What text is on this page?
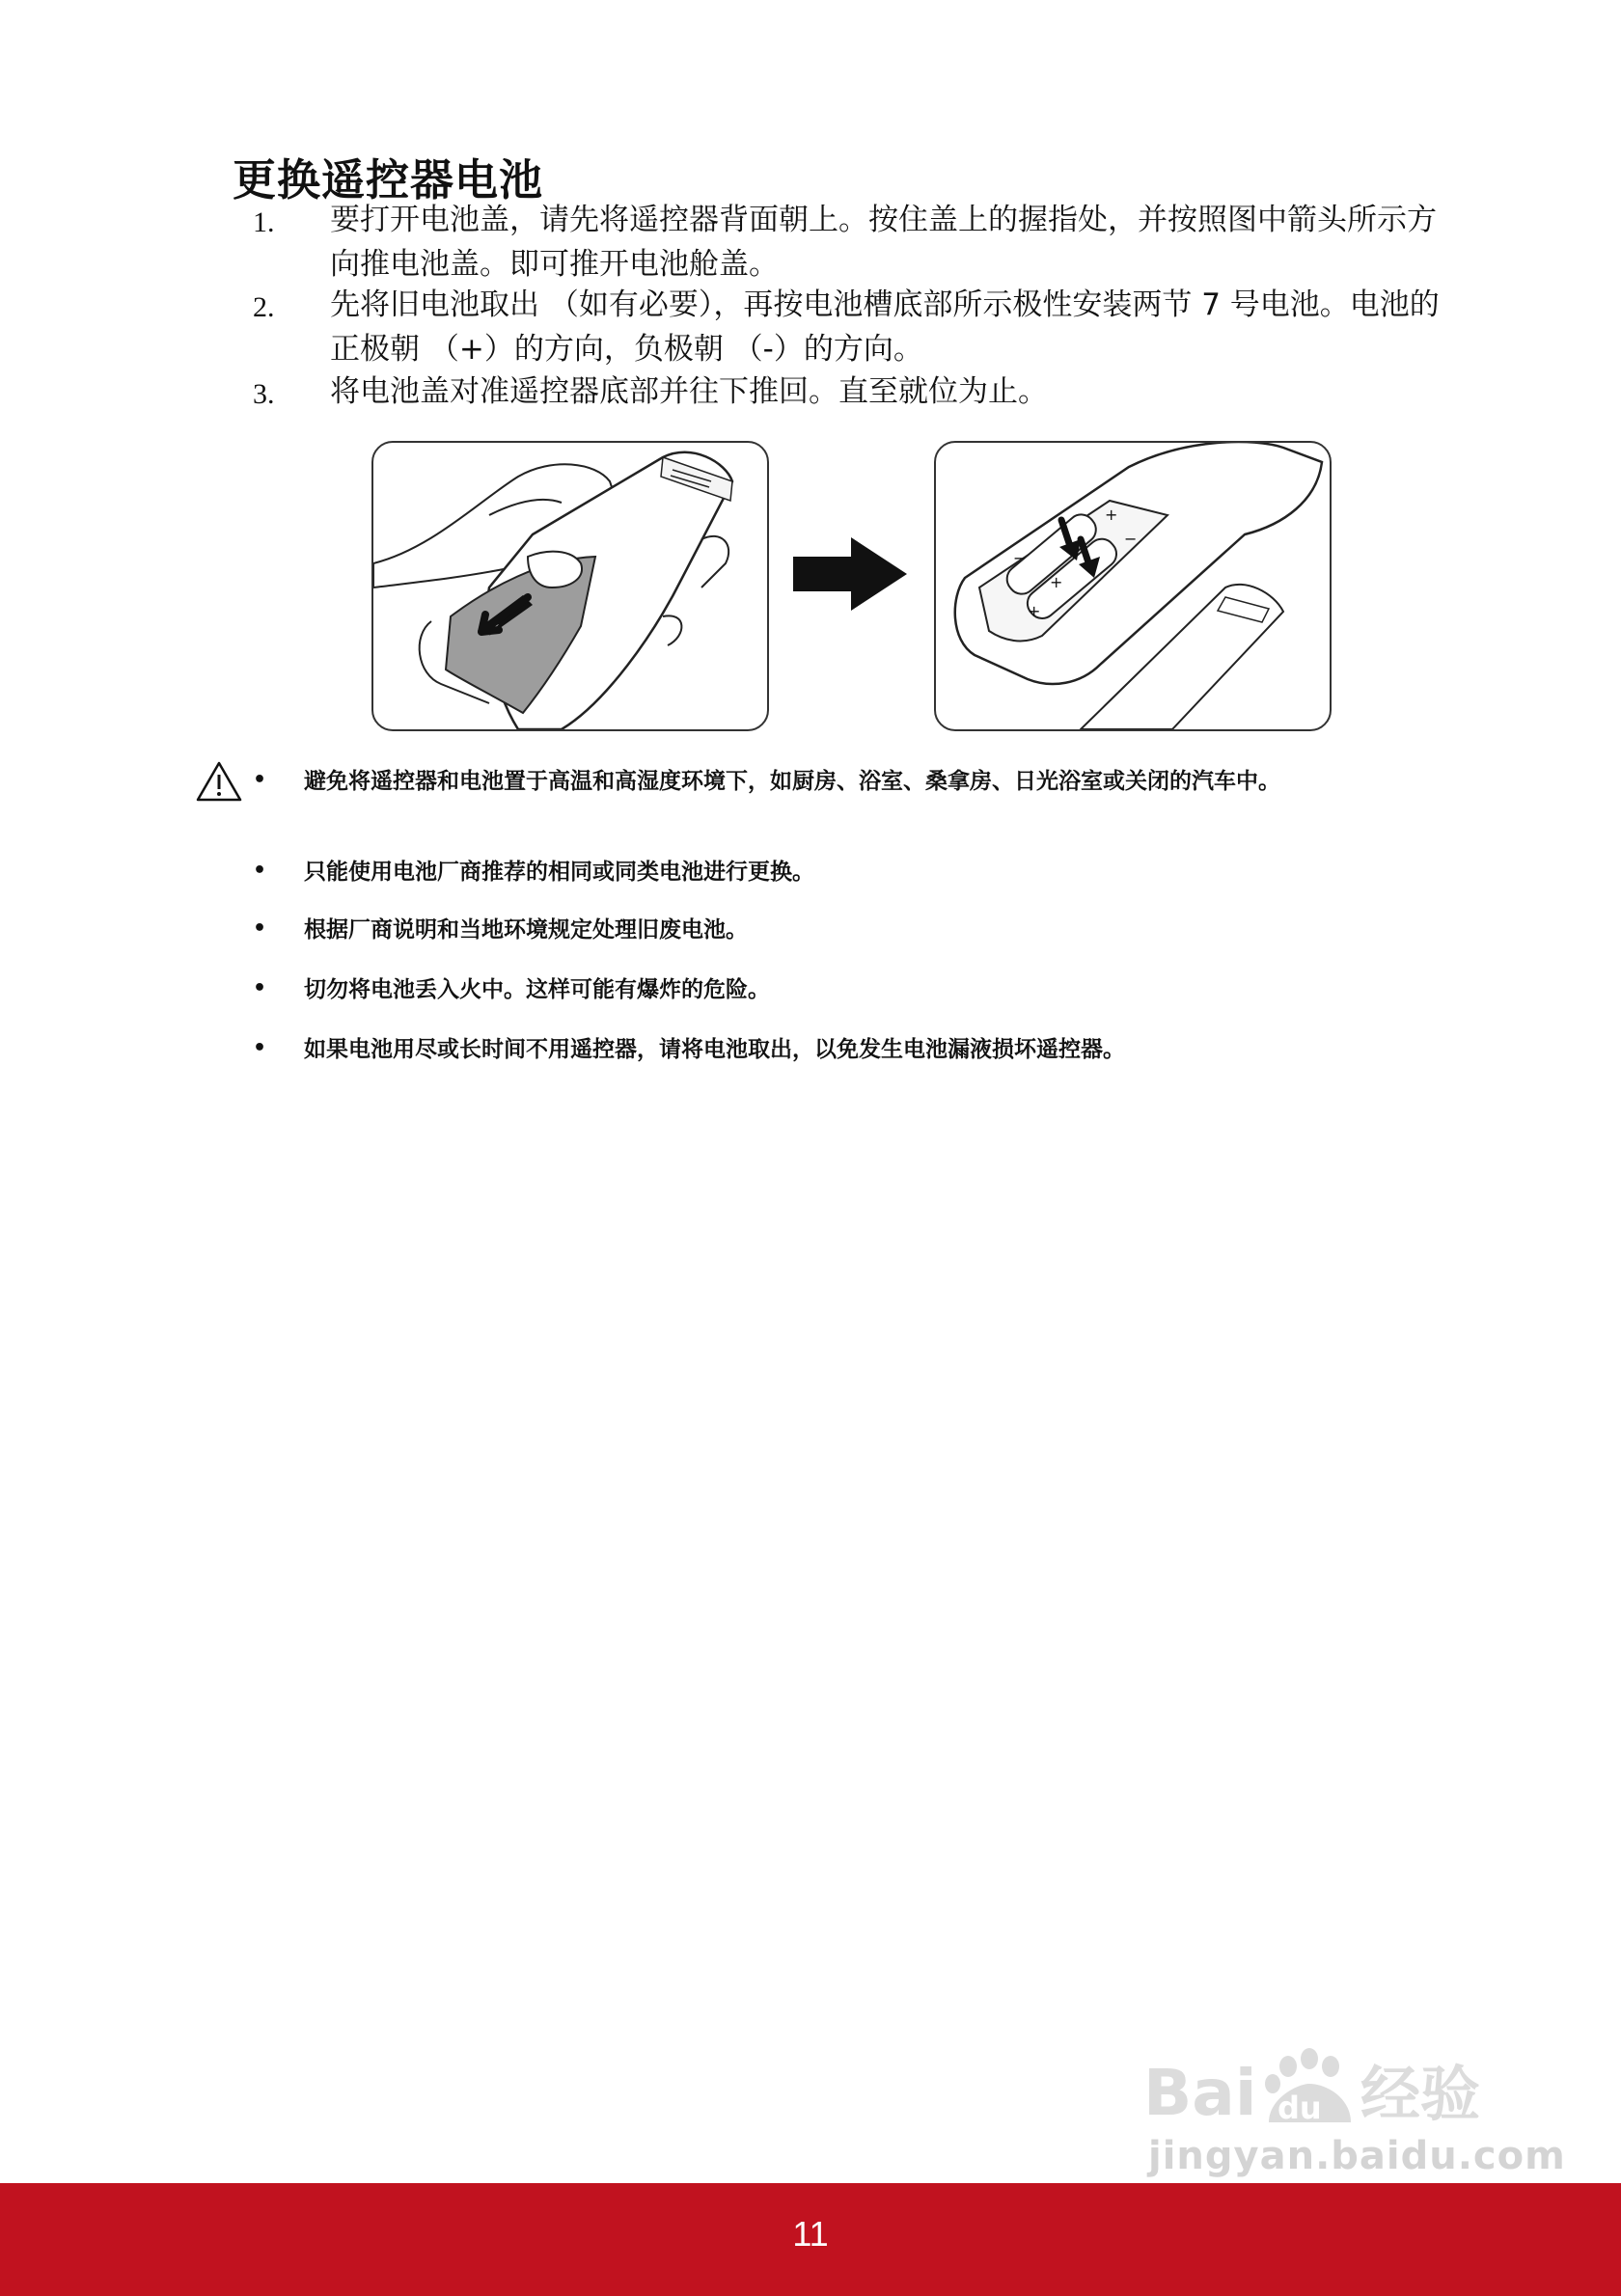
更换遥控器电池
1. 要打开电池盖，请先将遥控器背面朝上。按住盖上的握指处，并按照图中箭头所示方向推电池盖。即可推开电池舱盖。
2. 先将旧电池取出 （如有必要），再按电池槽底部所示极性安装两节 7 号电池。电池的正极朝 （+）的方向，负极朝 （-）的方向。
3. 将电池盖对准遥控器底部并往下推回。直至就位为止。
−
+
+
−
+
• 避免将遥控器和电池置于高温和高湿度环境下，如厨房、浴室、桑拿房、日光浴室或关闭的汽车中。
• 只能使用电池厂商推荐的相同或同类电池进行更换。
• 根据厂商说明和当地环境规定处理旧废电池。
• 切勿将电池丢入火中。这样可能有爆炸的危险。
• 如果电池用尽或长时间不用遥控器，请将电池取出，以免发生电池漏液损坏遥控器。
Bai du 经验
jingyan.baidu.com
11
